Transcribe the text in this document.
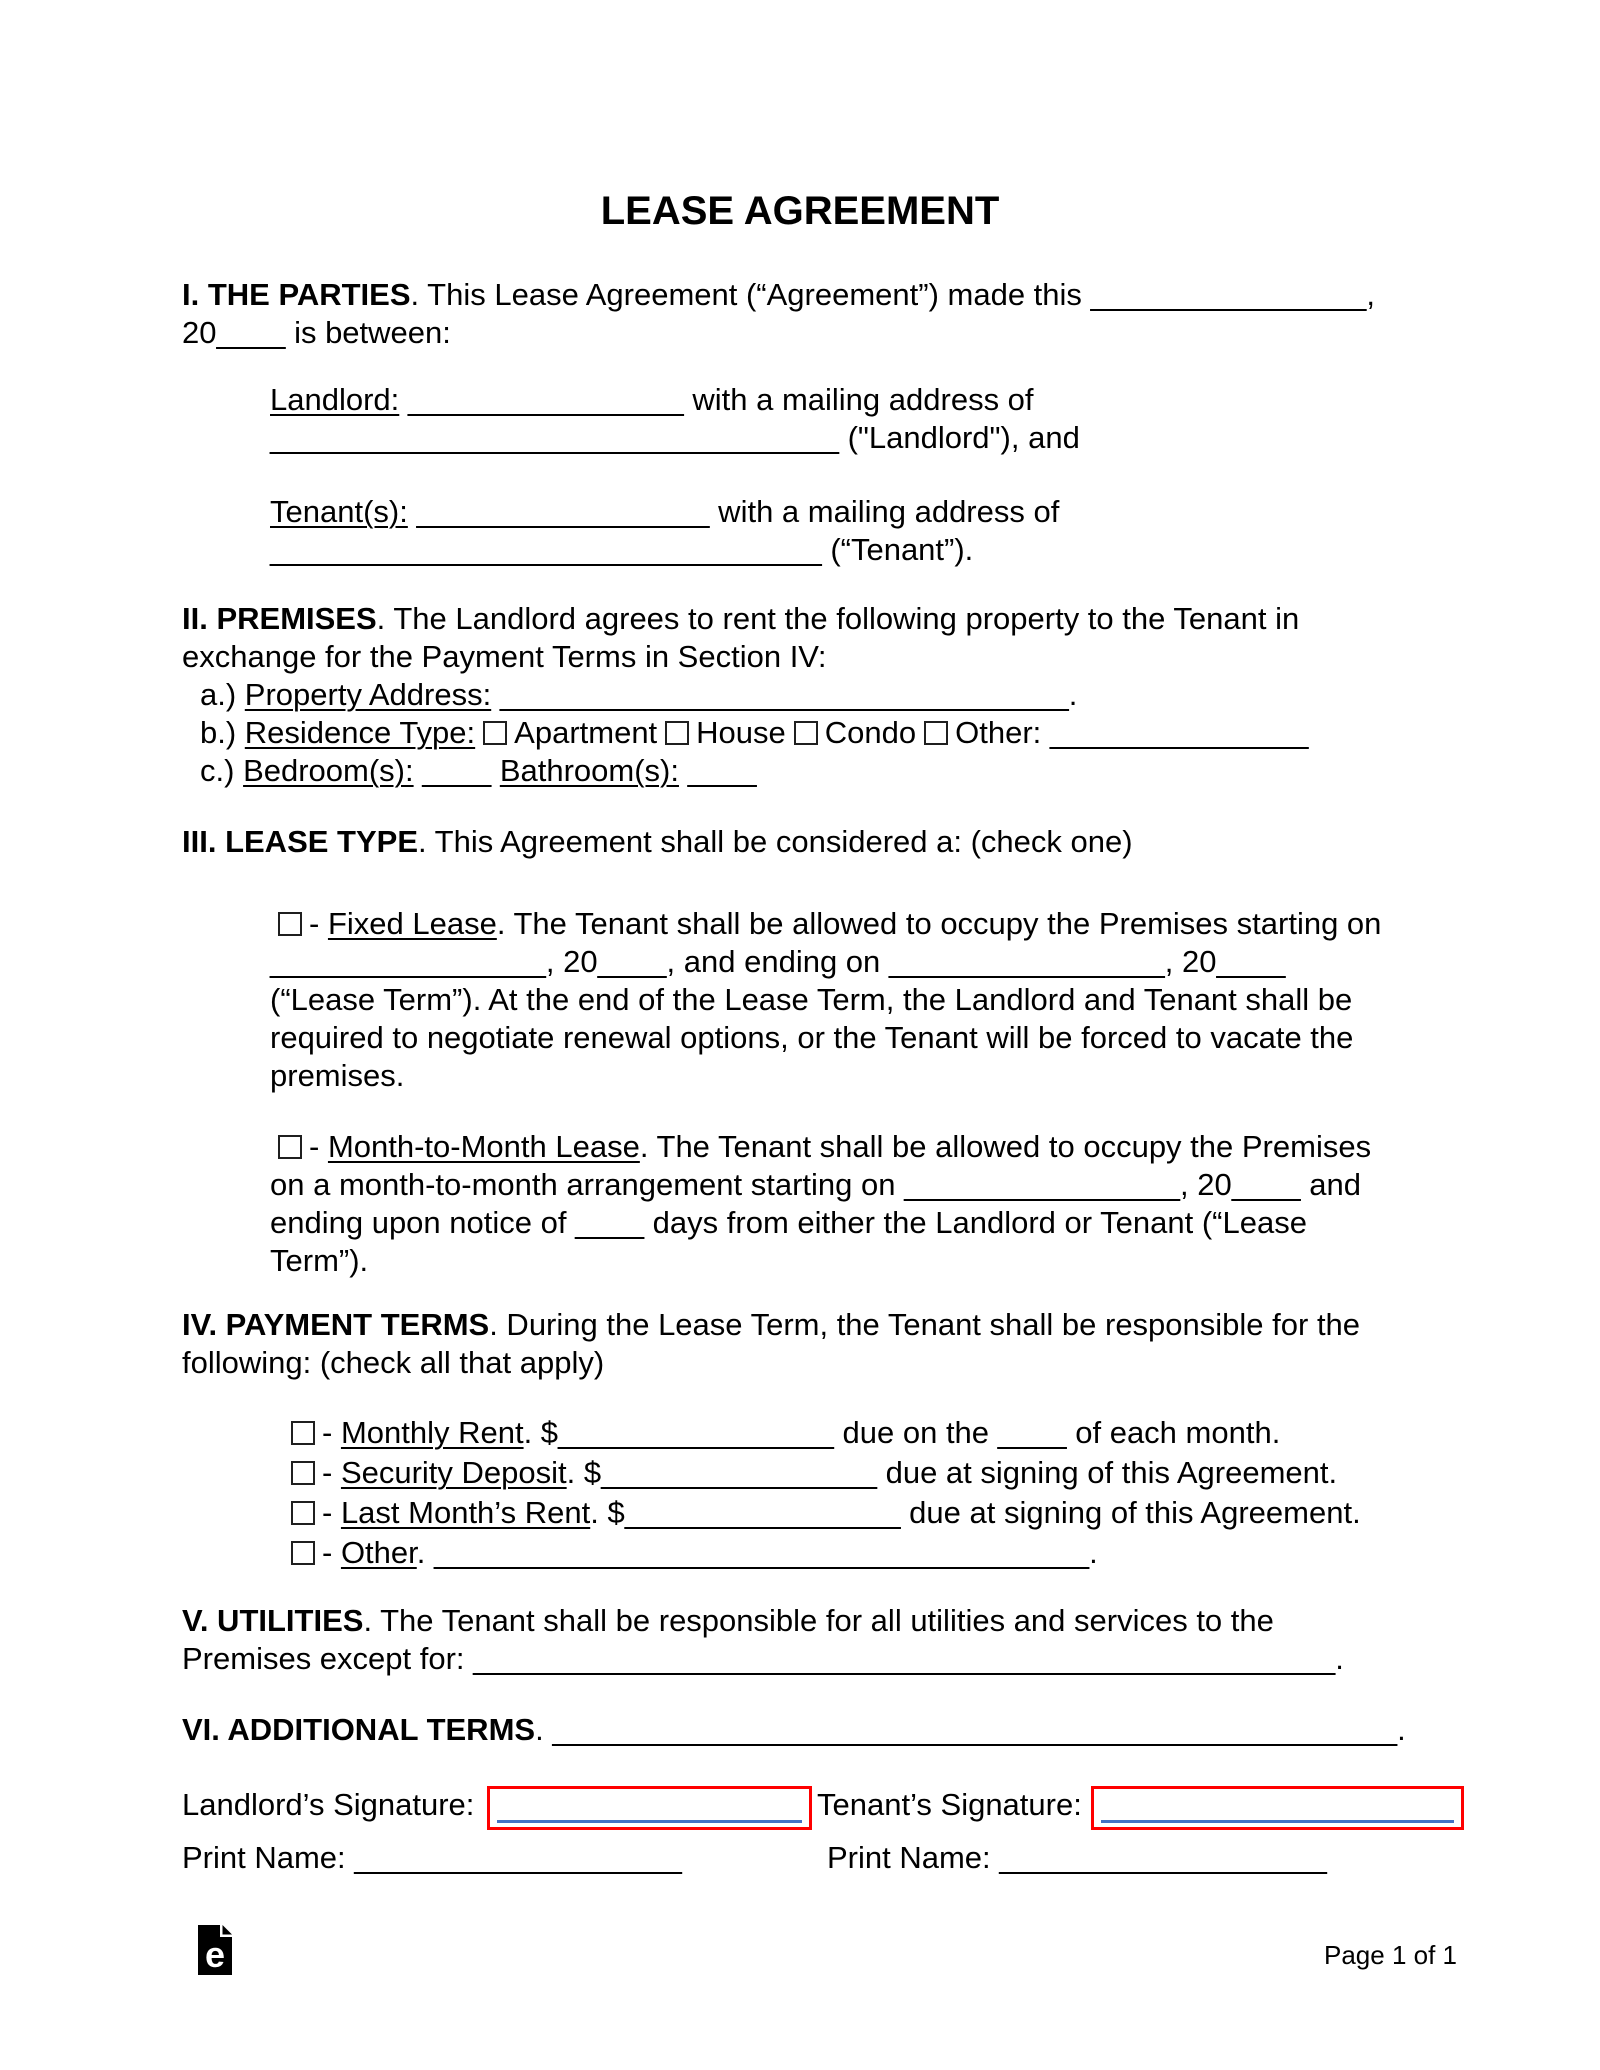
LEASE AGREEMENT
I. THE PARTIES. This Lease Agreement (“Agreement”) made this ________________,
20____ is between:
Landlord: ________________ with a mailing address of
_________________________________ ("Landlord"), and
Tenant(s): _________________ with a mailing address of
________________________________ (“Tenant”).
II. PREMISES. The Landlord agrees to rent the following property to the Tenant in
exchange for the Payment Terms in Section IV:
a.) Property Address: _________________________________.
b.) Residence Type: Apartment House Condo Other: _______________
c.) Bedroom(s): ____ Bathroom(s): ____
III. LEASE TYPE. This Agreement shall be considered a: (check one)
- Fixed Lease. The Tenant shall be allowed to occupy the Premises starting on
________________, 20____, and ending on ________________, 20____
(“Lease Term”). At the end of the Lease Term, the Landlord and Tenant shall be
required to negotiate renewal options, or the Tenant will be forced to vacate the
premises.
- Month-to-Month Lease. The Tenant shall be allowed to occupy the Premises
on a month-to-month arrangement starting on ________________, 20____ and
ending upon notice of ____ days from either the Landlord or Tenant (“Lease
Term”).
IV. PAYMENT TERMS. During the Lease Term, the Tenant shall be responsible for the
following: (check all that apply)
- Monthly Rent. $________________ due on the ____ of each month.
- Security Deposit. $________________ due at signing of this Agreement.
- Last Month’s Rent. $________________ due at signing of this Agreement.
- Other. ______________________________________.
V. UTILITIES. The Tenant shall be responsible for all utilities and services to the
Premises except for: __________________________________________________.
VI. ADDITIONAL TERMS. _________________________________________________.
Landlord’s Signature:	Tenant’s Signature:
Print Name: ___________________	Print Name: ___________________
e	Page 1 of 1
